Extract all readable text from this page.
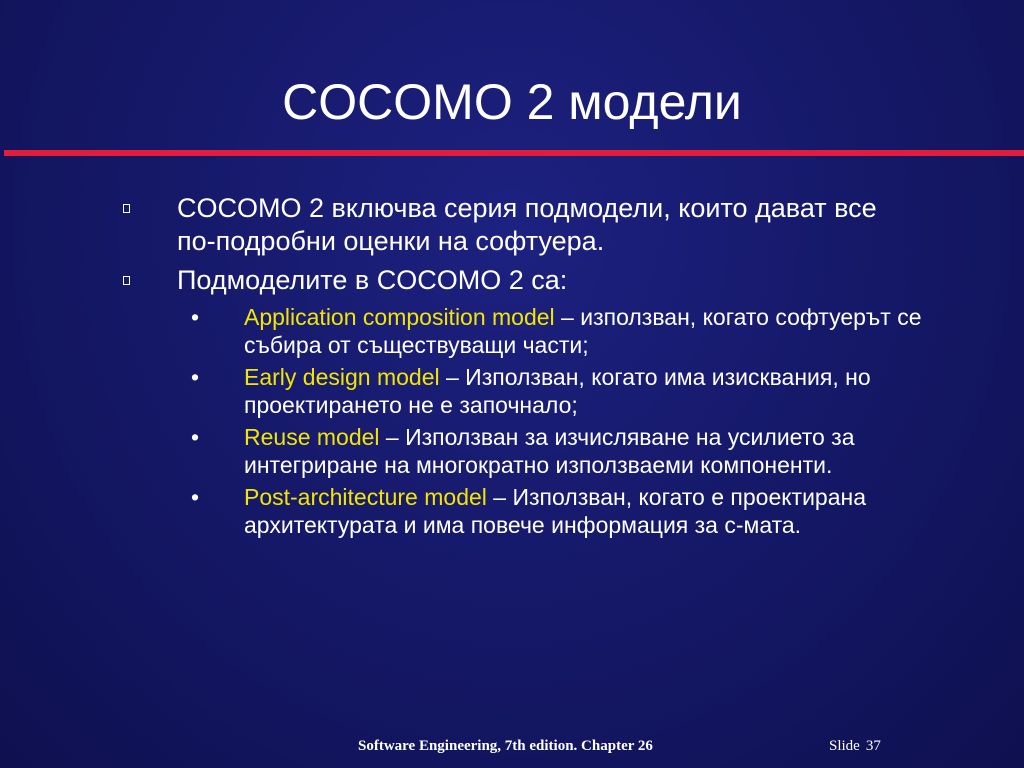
COCOMO 2 модели
COCOMO 2 включва серия подмодели, които дават все по-подробни оценки на софтуера.
Подмоделите в COCOMO 2 са:
• Application composition model – използван, когато софтуерът се събира от съществуващи части;
• Early design model – Използван, когато има изисквания, но проектирането не е започнало;
• Reuse model – Използван за изчисляване на усилието за интегриране на многократно използваеми компоненти.
• Post-architecture model – Използван, когато е проектирана архитектурата и има повече информация за с-мата.
Software Engineering, 7th edition. Chapter 26	Slide 37
